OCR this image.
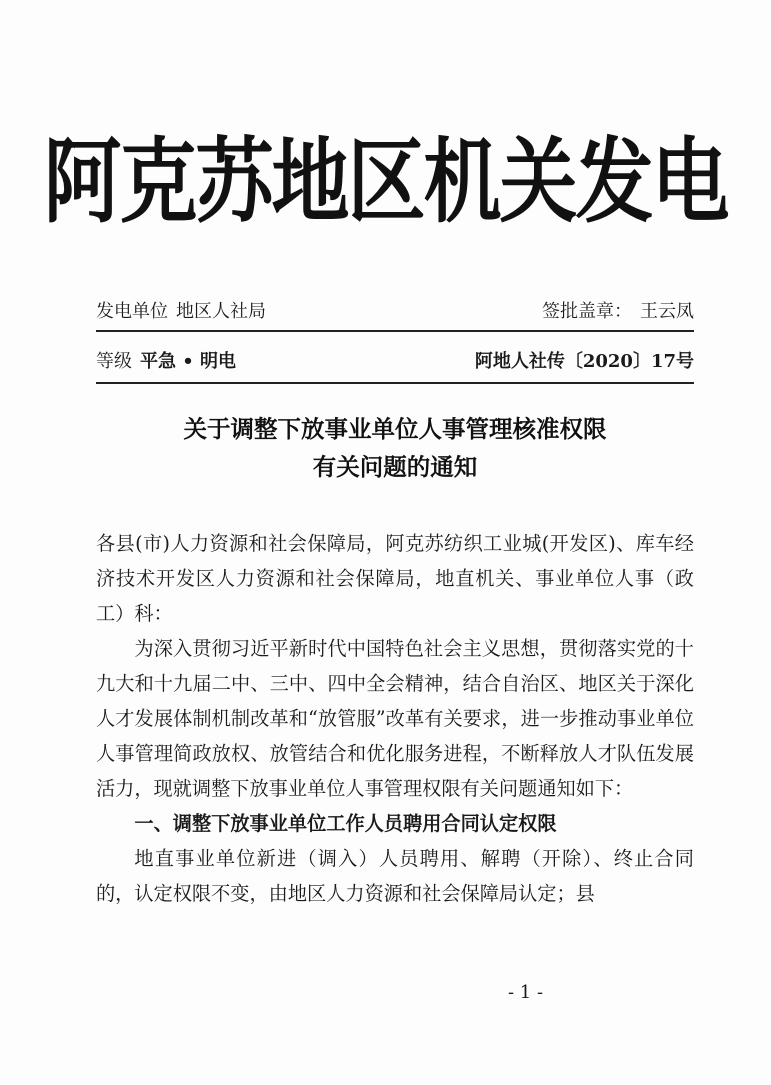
阿克苏地区机关发电
发电单位 地区人社局	签批盖章： 王云凤
等级 平急 • 明电	阿地人社传〔2020〕17号
关于调整下放事业单位人事管理核准权限
有关问题的通知

各县(市)人力资源和社会保障局，阿克苏纺织工业城(开发区)、库车经济技术开发区人力资源和社会保障局，地直机关、事业单位人事（政工）科：

为深入贯彻习近平新时代中国特色社会主义思想，贯彻落实党的十九大和十九届二中、三中、四中全会精神，结合自治区、地区关于深化人才发展体制机制改革和“放管服”改革有关要求，进一步推动事业单位人事管理简政放权、放管结合和优化服务进程，不断释放人才队伍发展活力，现就调整下放事业单位人事管理权限有关问题通知如下：

一、调整下放事业单位工作人员聘用合同认定权限

地直事业单位新进（调入）人员聘用、解聘（开除）、终止合同的，认定权限不变，由地区人力资源和社会保障局认定；县

- 1 -
